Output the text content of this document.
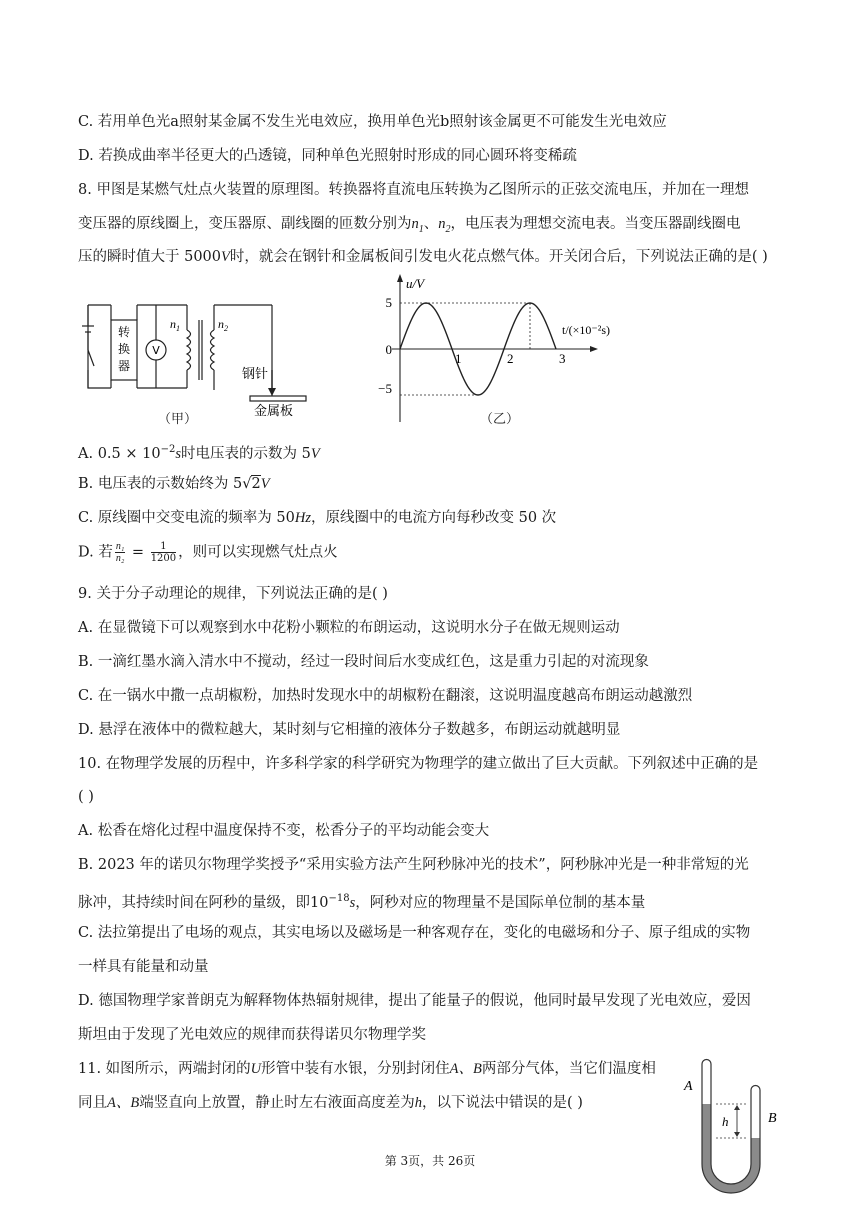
C. 若用单色光a照射某金属不发生光电效应，换用单色光b照射该金属更不可能发生光电效应
D. 若换成曲率半径更大的凸透镜，同种单色光照射时形成的同心圆环将变稀疏
8. 甲图是某燃气灶点火装置的原理图。转换器将直流电压转换为乙图所示的正弦交流电压，并加在一理想
变压器的原线圈上，变压器原、副线圈的匝数分别为$n_1$、$n_2$，电压表为理想交流电表。当变压器副线圈电
压的瞬时值大于 5000V时，就会在钢针和金属板间引发电火花点燃气体。开关闭合后，下列说法正确的是( )
转
换
器
V
$n_1$	$n_2$
钢针
金属板
（甲）
u/V
t/(×10⁻²s)
0
5
−5
1	2	3
（乙）
A. $0.5 \times 10^{-2}s$时电压表的示数为 5V
B. 电压表的示数始终为 5√2V
C. 原线圈中交变电流的频率为 50Hz，原线圈中的电流方向每秒改变 50 次
D. 若 $\frac{\text{n₁}}{\text{n₂}} = \frac{1}{1200}$ ，则可以实现燃气灶点火
9. 关于分子动理论的规律，下列说法正确的是( )
A. 在显微镜下可以观察到水中花粉小颗粒的布朗运动，这说明水分子在做无规则运动
B. 一滴红墨水滴入清水中不搅动，经过一段时间后水变成红色，这是重力引起的对流现象
C. 在一锅水中撒一点胡椒粉，加热时发现水中的胡椒粉在翻滚，这说明温度越高布朗运动越激烈
D. 悬浮在液体中的微粒越大，某时刻与它相撞的液体分子数越多，布朗运动就越明显
10. 在物理学发展的历程中，许多科学家的科学研究为物理学的建立做出了巨大贡献。下列叙述中正确的是
( )
A. 松香在熔化过程中温度保持不变，松香分子的平均动能会变大
B. 2023 年的诺贝尔物理学奖授予“采用实验方法产生阿秒脉冲光的技术”，阿秒脉冲光是一种非常短的光
脉冲，其持续时间在阿秒的量级，即$10^{-18}s$，阿秒对应的物理量不是国际单位制的基本量
C. 法拉第提出了电场的观点，其实电场以及磁场是一种客观存在，变化的电磁场和分子、原子组成的实物
一样具有能量和动量
D. 德国物理学家普朗克为解释物体热辐射规律，提出了能量子的假说，他同时最早发现了光电效应，爱因
斯坦由于发现了光电效应的规律而获得诺贝尔物理学奖
11. 如图所示，两端封闭的U形管中装有水银，分别封闭住A、B两部分气体，当它们温度相
同且A、B端竖直向上放置，静止时左右液面高度差为h，以下说法中错误的是( )
A
B
h
第 3页，共 26页
